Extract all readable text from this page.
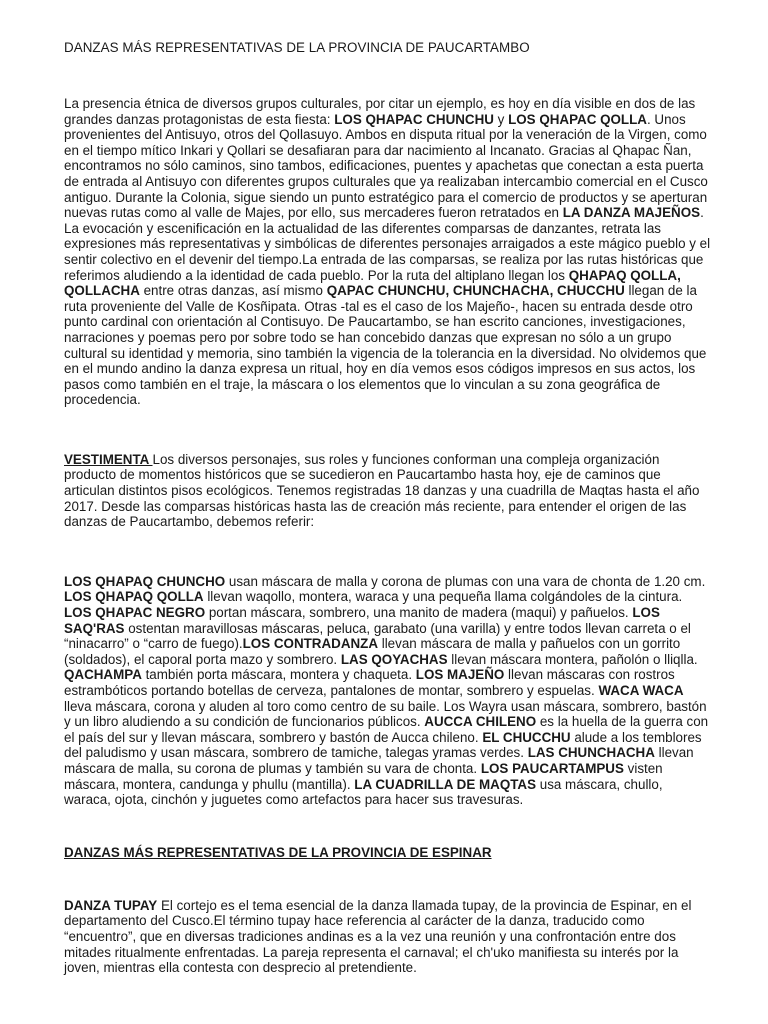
DANZAS MÁS REPRESENTATIVAS DE LA PROVINCIA DE PAUCARTAMBO

La presencia étnica de diversos grupos culturales, por citar un ejemplo, es hoy en día visible en dos de las grandes danzas protagonistas de esta fiesta: LOS QHAPAC CHUNCHU y LOS QHAPAC QOLLA. Unos provenientes del Antisuyo, otros del Qollasuyo. Ambos en disputa ritual por la veneración de la Virgen, como en el tiempo mítico Inkari y Qollari se desafiaran para dar nacimiento al Incanato. Gracias al Qhapac Ñan, encontramos no sólo caminos, sino tambos, edificaciones, puentes y apachetas que conectan a esta puerta de entrada al Antisuyo con diferentes grupos culturales que ya realizaban intercambio comercial en el Cusco antiguo. Durante la Colonia, sigue siendo un punto estratégico para el comercio de productos y se aperturan nuevas rutas como al valle de Majes, por ello, sus mercaderes fueron retratados en LA DANZA MAJEÑOS. La evocación y escenificación en la actualidad de las diferentes comparsas de danzantes, retrata las expresiones más representativas y simbólicas de diferentes personajes arraigados a este mágico pueblo y el sentir colectivo en el devenir del tiempo.La entrada de las comparsas, se realiza por las rutas históricas que referimos aludiendo a la identidad de cada pueblo. Por la ruta del altiplano llegan los QHAPAQ QOLLA, QOLLACHA entre otras danzas, así mismo QAPAC CHUNCHU, CHUNCHACHA, CHUCCHU llegan de la ruta proveniente del Valle de Kosñipata. Otras -tal es el caso de los Majeño-, hacen su entrada desde otro punto cardinal con orientación al Contisuyo. De Paucartambo, se han escrito canciones, investigaciones, narraciones y poemas pero por sobre todo se han concebido danzas que expresan no sólo a un grupo cultural su identidad y memoria, sino también la vigencia de la tolerancia en la diversidad. No olvidemos que en el mundo andino la danza expresa un ritual, hoy en día vemos esos códigos impresos en sus actos, los pasos como también en el traje, la máscara o los elementos que lo vinculan a su zona geográfica de procedencia.

VESTIMENTA Los diversos personajes, sus roles y funciones conforman una compleja organización producto de momentos históricos que se sucedieron en Paucartambo hasta hoy, eje de caminos que articulan distintos pisos ecológicos. Tenemos registradas 18 danzas y una cuadrilla de Maqtas hasta el año 2017. Desde las comparsas históricas hasta las de creación más reciente, para entender el origen de las danzas de Paucartambo, debemos referir:

LOS QHAPAQ CHUNCHO usan máscara de malla y corona de plumas con una vara de chonta de 1.20 cm. LOS QHAPAQ QOLLA llevan waqollo, montera, waraca y una pequeña llama colgándoles de la cintura. LOS QHAPAC NEGRO portan máscara, sombrero, una manito de madera (maqui) y pañuelos. LOS SAQ'RAS ostentan maravillosas máscaras, peluca, garabato (una varilla) y entre todos llevan carreta o el “ninacarro” o “carro de fuego).LOS CONTRADANZA llevan máscara de malla y pañuelos con un gorrito (soldados), el caporal porta mazo y sombrero. LAS QOYACHAS llevan máscara montera, pañolón o lliqlla. QACHAMPA también porta máscara, montera y chaqueta. LOS MAJEÑO llevan máscaras con rostros estrambóticos portando botellas de cerveza, pantalones de montar, sombrero y espuelas. WACA WACA lleva máscara, corona y aluden al toro como centro de su baile. Los Wayra usan máscara, sombrero, bastón y un libro aludiendo a su condición de funcionarios públicos. AUCCA CHILENO es la huella de la guerra con el país del sur y llevan máscara, sombrero y bastón de Aucca chileno. EL CHUCCHU alude a los temblores del paludismo y usan máscara, sombrero de tamiche, talegas yramas verdes. LAS CHUNCHACHA llevan máscara de malla, su corona de plumas y también su vara de chonta. LOS PAUCARTAMPUS visten máscara, montera, candunga y phullu (mantilla). LA CUADRILLA DE MAQTAS usa máscara, chullo, waraca, ojota, cinchón y juguetes como artefactos para hacer sus travesuras.

DANZAS MÁS REPRESENTATIVAS DE LA PROVINCIA DE ESPINAR

DANZA TUPAY El cortejo es el tema esencial de la danza llamada tupay, de la provincia de Espinar, en el departamento del Cusco.El término tupay hace referencia al carácter de la danza, traducido como “encuentro”, que en diversas tradiciones andinas es a la vez una reunión y una confrontación entre dos mitades ritualmente enfrentadas. La pareja representa el carnaval; el ch'uko manifiesta su interés por la joven, mientras ella contesta con desprecio al pretendiente.
